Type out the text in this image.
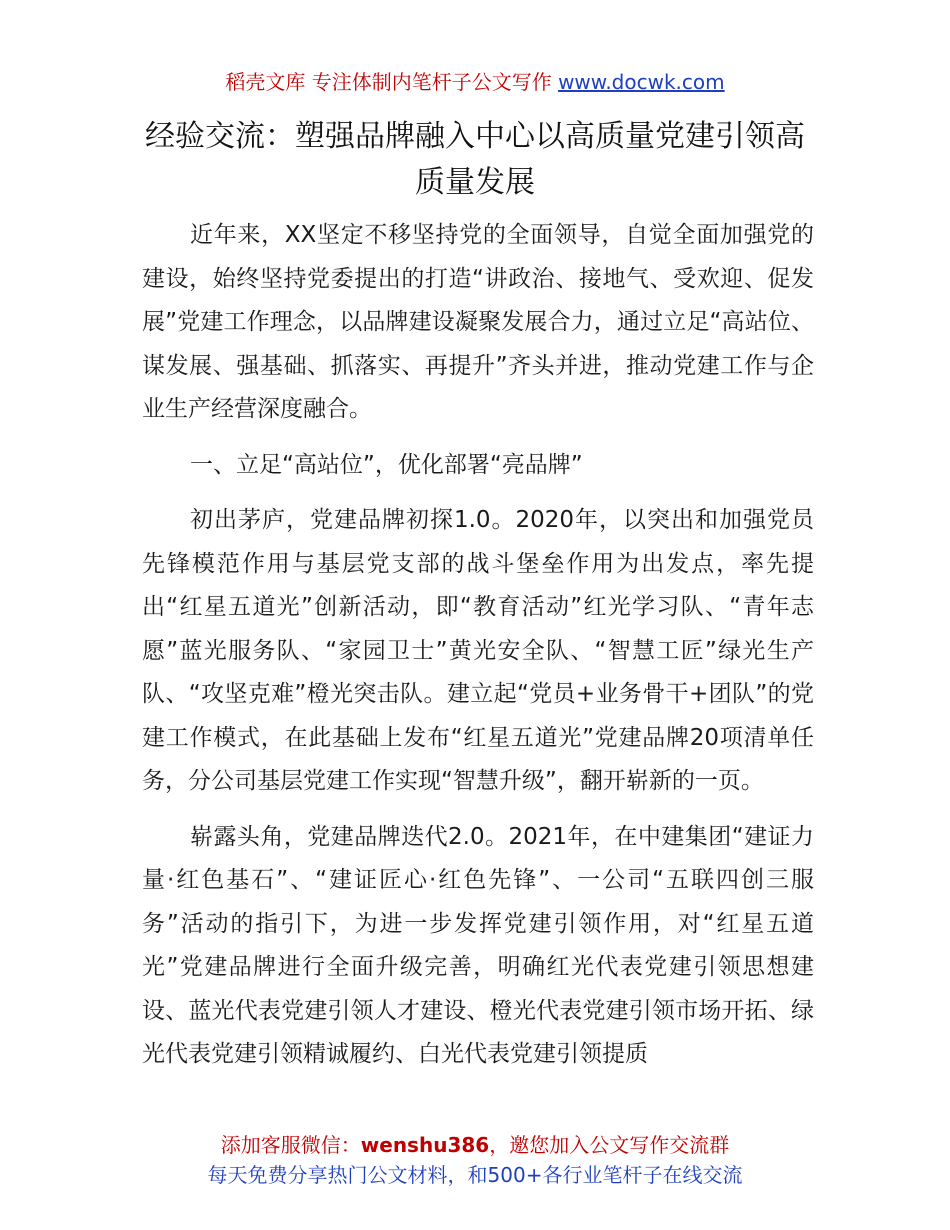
稻壳文库 专注体制内笔杆子公文写作 www.docwk.com
经验交流：塑强品牌融入中心以高质量党建引领高质量发展

近年来，XX坚定不移坚持党的全面领导，自觉全面加强党的建设，始终坚持党委提出的打造“讲政治、接地气、受欢迎、促发展”党建工作理念，以品牌建设凝聚发展合力，通过立足“高站位、谋发展、强基础、抓落实、再提升”齐头并进，推动党建工作与企业生产经营深度融合。

一、立足“高站位”，优化部署“亮品牌”

初出茅庐，党建品牌初探1.0。2020年，以突出和加强党员先锋模范作用与基层党支部的战斗堡垒作用为出发点，率先提出“红星五道光”创新活动，即“教育活动”红光学习队、“青年志愿”蓝光服务队、“家园卫士”黄光安全队、“智慧工匠”绿光生产队、“攻坚克难”橙光突击队。建立起“党员+业务骨干+团队”的党建工作模式，在此基础上发布“红星五道光”党建品牌20项清单任务，分公司基层党建工作实现“智慧升级”，翻开崭新的一页。

崭露头角，党建品牌迭代2.0。2021年，在中建集团“建证力量·红色基石”、“建证匠心·红色先锋”、一公司“五联四创三服务”活动的指引下，为进一步发挥党建引领作用，对“红星五道光”党建品牌进行全面升级完善，明确红光代表党建引领思想建设、蓝光代表党建引领人才建设、橙光代表党建引领市场开拓、绿光代表党建引领精诚履约、白光代表党建引领提质

添加客服微信：wenshu386，邀您加入公文写作交流群
每天免费分享热门公文材料，和500+各行业笔杆子在线交流
